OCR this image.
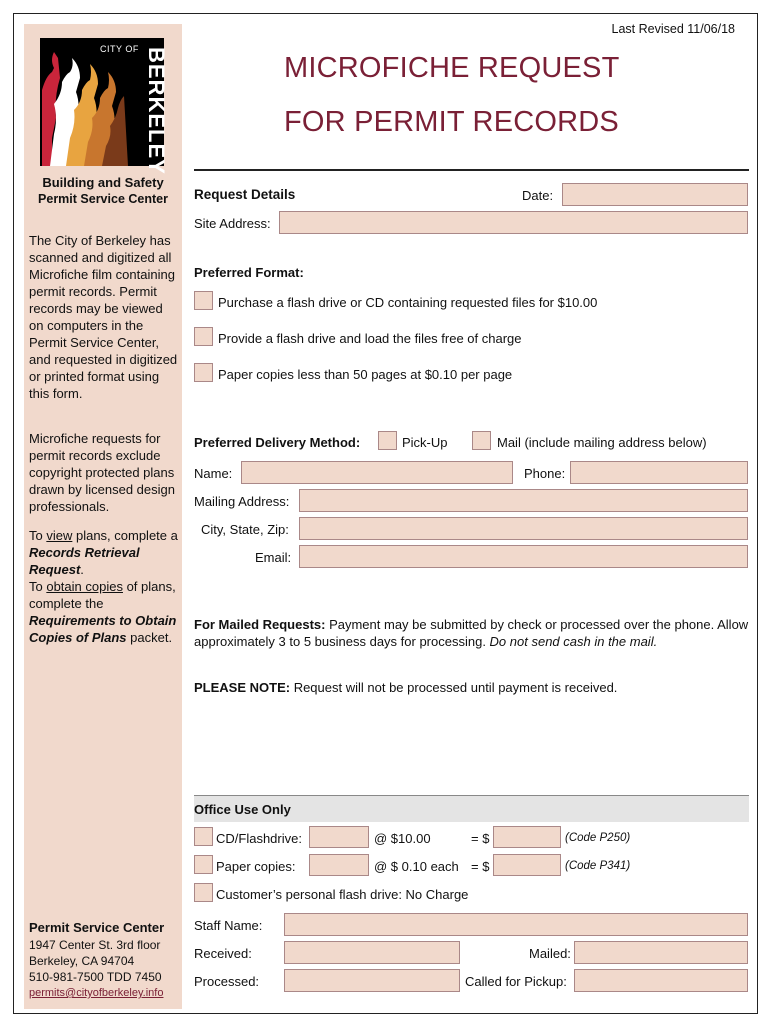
Last Revised 11/06/18
CITY OF BERKELEY
Building and Safety
Permit Service Center
The City of Berkeley has scanned and digitized all Microfiche film containing permit records. Permit records may be viewed on computers in the Permit Service Center, and requested in digitized or printed format using this form.
Microfiche requests for permit records exclude copyright protected plans drawn by licensed design professionals.
To view plans, complete a Records Retrieval Request.
To obtain copies of plans, complete the Requirements to Obtain Copies of Plans packet.
Permit Service Center
1947 Center St. 3rd floor
Berkeley, CA 94704
510-981-7500 TDD 7450
permits@cityofberkeley.info
MICROFICHE REQUEST
FOR PERMIT RECORDS
Request Details	Date:
Site Address:
Preferred Format:
Purchase a flash drive or CD containing requested files for $10.00
Provide a flash drive and load the files free of charge
Paper copies less than 50 pages at $0.10 per page
Preferred Delivery Method:	Pick-Up	Mail (include mailing address below)
Name:	Phone:
Mailing Address:
City, State, Zip:
Email:
For Mailed Requests: Payment may be submitted by check or processed over the phone. Allow approximately 3 to 5 business days for processing. Do not send cash in the mail.
PLEASE NOTE: Request will not be processed until payment is received.
Office Use Only
CD/Flashdrive:	@ $10.00	= $	(Code P250)
Paper copies:	@ $ 0.10 each = $	(Code P341)
Customer’s personal flash drive: No Charge
Staff Name:
Received:	Mailed:
Processed:	Called for Pickup:
